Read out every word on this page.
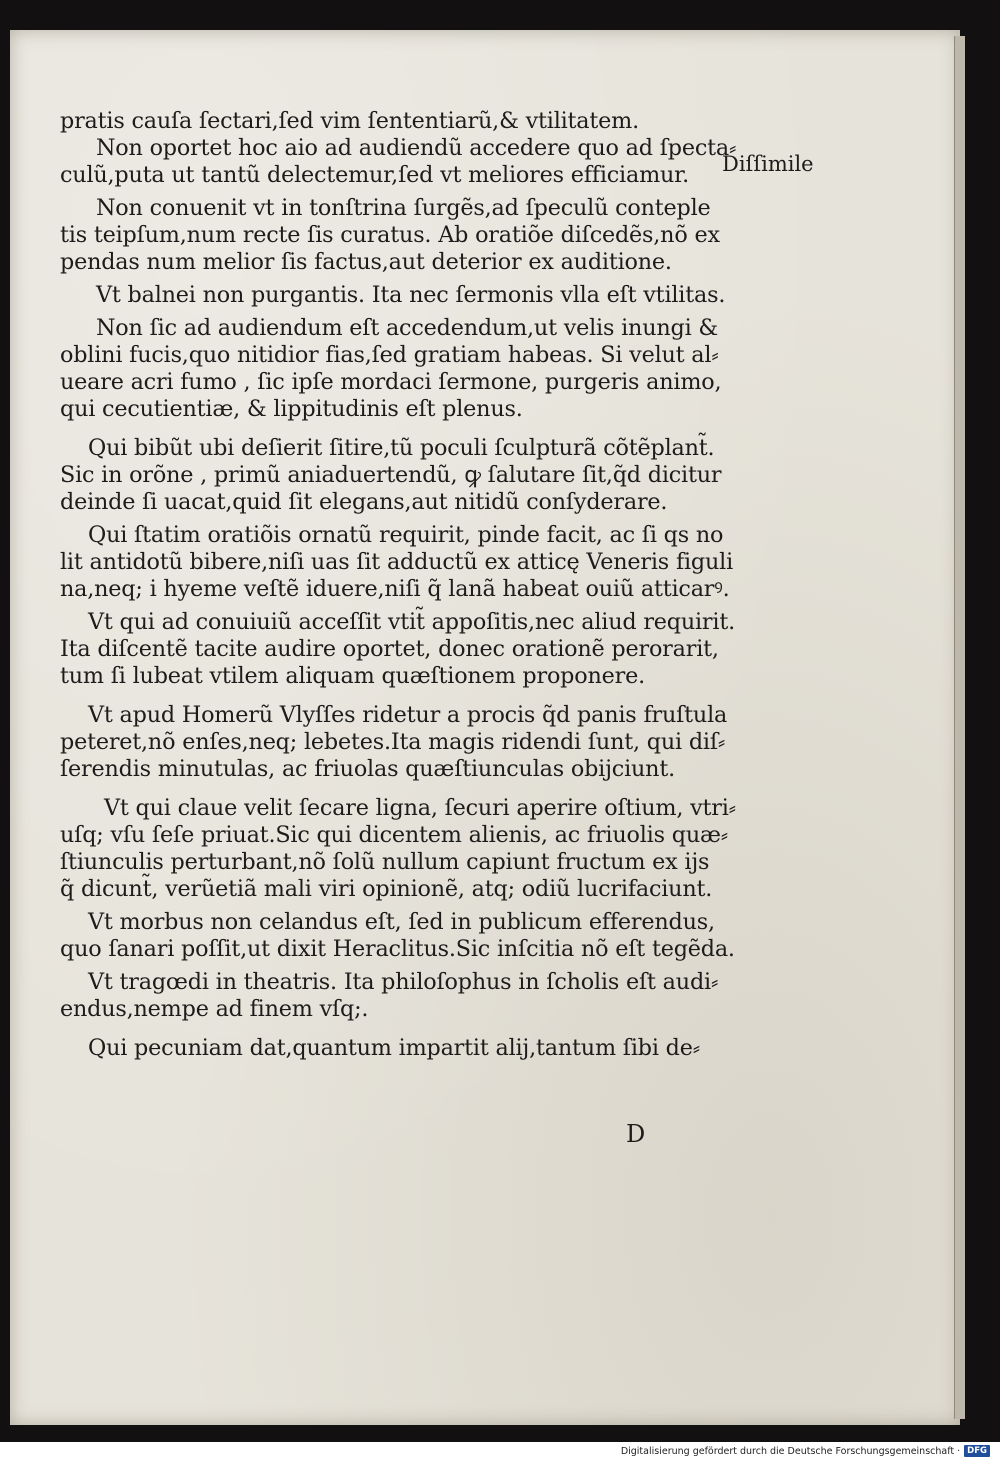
Diſſimile
pratis cauſa ſectari,ſed vim ſententiarũ,& vtilitatem.
Non oportet hoc aio ad audiendũ accedere quo ad ſpecta⸗
culũ,puta ut tantũ delectemur,ſed vt meliores efficiamur.
Non conuenit vt in tonſtrina ſurgẽs,ad ſpeculũ conteple
tis teipſum,num recte ſis curatus. Ab oratiõe diſcedẽs,nõ ex
pendas num melior ſis factus,aut deterior ex auditione.
Vt balnei non purgantis. Ita nec ſermonis vlla eſt vtilitas.
Non ſic ad audiendum eſt accedendum,ut velis inungi &
oblini fucis,quo nitidior fias,ſed gratiam habeas. Si velut al⸗
ueare acri fumo , ſic ipſe mordaci ſermone, purgeris animo,
qui cecutientiæ, & lippitudinis eſt plenus.
Qui bibũt ubi deſierit ſitire,tũ poculi ſculpturã cõtẽplant̃.
Sic in orõne , primũ aniaduertendũ, ꝙ ſalutare ſit,q̃d dicitur
deinde ſi uacat,quid ſit elegans,aut nitidũ conſyderare.
Qui ſtatim oratiõis ornatũ requirit, pinde facit, ac ſi qs no
lit antidotũ bibere,niſi uas ſit adductũ ex atticę Veneris figuli
na,neq; i hyeme veſtẽ iduere,niſi q̃ lanã habeat ouiũ atticarꝰ.
Vt qui ad conuiuiũ acceſſit vtit̃ appoſitis,nec aliud requirit.
Ita diſcentẽ tacite audire oportet, donec orationẽ perorarit,
tum ſi lubeat vtilem aliquam quæſtionem proponere.
Vt apud Homerũ Vlyſſes ridetur a procis q̃d panis fruſtula
peteret,nõ enſes,neq; lebetes.Ita magis ridendi ſunt, qui diſ⸗
ſerendis minutulas, ac friuolas quæſtiunculas obijciunt.
Vt qui claue velit ſecare ligna, ſecuri aperire oſtium, vtri⸗
uſq; vſu ſeſe priuat.Sic qui dicentem alienis, ac friuolis quæ⸗
ſtiunculis perturbant,nõ ſolũ nullum capiunt fructum ex ijs
q̃ dicunt̃, verũetiã mali viri opinionẽ, atq; odiũ lucrifaciunt.
Vt morbus non celandus eſt, ſed in publicum efferendus,
quo ſanari poſſit,ut dixit Heraclitus.Sic inſcitia nõ eſt tegẽda.
Vt tragœdi in theatris. Ita philoſophus in ſcholis eſt audi⸗
endus,nempe ad finem vſq;.
Qui pecuniam dat,quantum impartit alij,tantum ſibi de⸗
D
Digitalisierung gefördert durch die Deutsche Forschungsgemeinschaft · DFG
